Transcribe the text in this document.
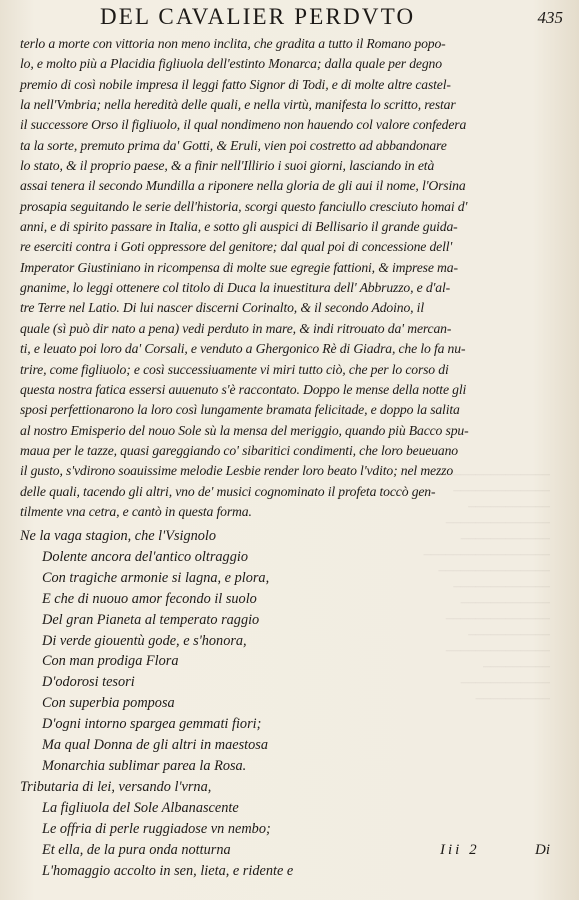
────────────────
─────────────
───────────
──────────────
────────────
─────────────────
───────────────
─────────────
────────────
──────────────
───────────
──────────────
─────────
────────────
──────────
DEL CAVALIER PERDVTO	435
terlo a morte con vittoria non meno inclita, che gradita a tutto il Romano popo-
lo, e molto più a Placidia figliuola dell'estinto Monarca; dalla quale per degno
premio di così nobile impresa il leggi fatto Signor di Todi, e di molte altre castel-
la nell'Vmbria; nella heredità delle quali, e nella virtù, manifesta lo scritto, restar
il successore Orso il figliuolo, il qual nondimeno non hauendo col valore confedera
ta la sorte, premuto prima da' Gotti, & Eruli, vien poi costretto ad abbandonare
lo stato, & il proprio paese, & a finir nell'Illirio i suoi giorni, lasciando in età
assai tenera il secondo Mundilla a riponere nella gloria de gli aui il nome, l'Orsina
prosapia seguitando le serie dell'historia, scorgi questo fanciullo cresciuto homai d'
anni, e di spirito passare in Italia, e sotto gli auspici di Bellisario il grande guida-
re eserciti contra i Goti oppressore del genitore; dal qual poi di concessione dell'
Imperator Giustiniano in ricompensa di molte sue egregie fattioni, & imprese ma-
gnanime, lo leggi ottenere col titolo di Duca la inuestitura dell' Abbruzzo, e d'al-
tre Terre nel Latio. Di lui nascer discerni Corinalto, & il secondo Adoino, il
quale (sì può dir nato a pena) vedi perduto in mare, & indi ritrouato da' mercan-
ti, e leuato poi loro da' Corsali, e venduto a Ghergonico Rè di Giadra, che lo fa nu-
trire, come figliuolo; e così successiuamente vi miri tutto ciò, che per lo corso di
questa nostra fatica essersi auuenuto s'è raccontato. Doppo le mense della notte gli
sposi perfettionarono la loro così lungamente bramata felicitade, e doppo la salita
al nostro Emisperio del nouo Sole sù la mensa del meriggio, quando più Bacco spu-
maua per le tazze, quasi gareggiando co' sibaritici condimenti, che loro beueuano
il gusto, s'vdirono soauissime melodie Lesbie render loro beato l'vdito; nel mezzo
delle quali, tacendo gli altri, vno de' musici cognominato il profeta toccò gen-
tilmente vna cetra, e cantò in questa forma.
Ne la vaga stagion, che l'Vsignolo
Dolente ancora del'antico oltraggio
Con tragiche armonie si lagna, e plora,
E che di nuouo amor fecondo il suolo
Del gran Pianeta al temperato raggio
Di verde giouentù gode, e s'honora,
Con man prodiga Flora
D'odorosi tesori
Con superbia pomposa
D'ogni intorno spargea gemmati fiori;
Ma qual Donna de gli altri in maestosa
Monarchia sublimar parea la Rosa.
Tributaria di lei, versando l'vrna,
La figliuola del Sole Albanascente
Le offria di perle ruggiadose vn nembo;
Et ella, de la pura onda notturna
L'homaggio accolto in sen, lieta, e ridente e
Iii 2	Di
